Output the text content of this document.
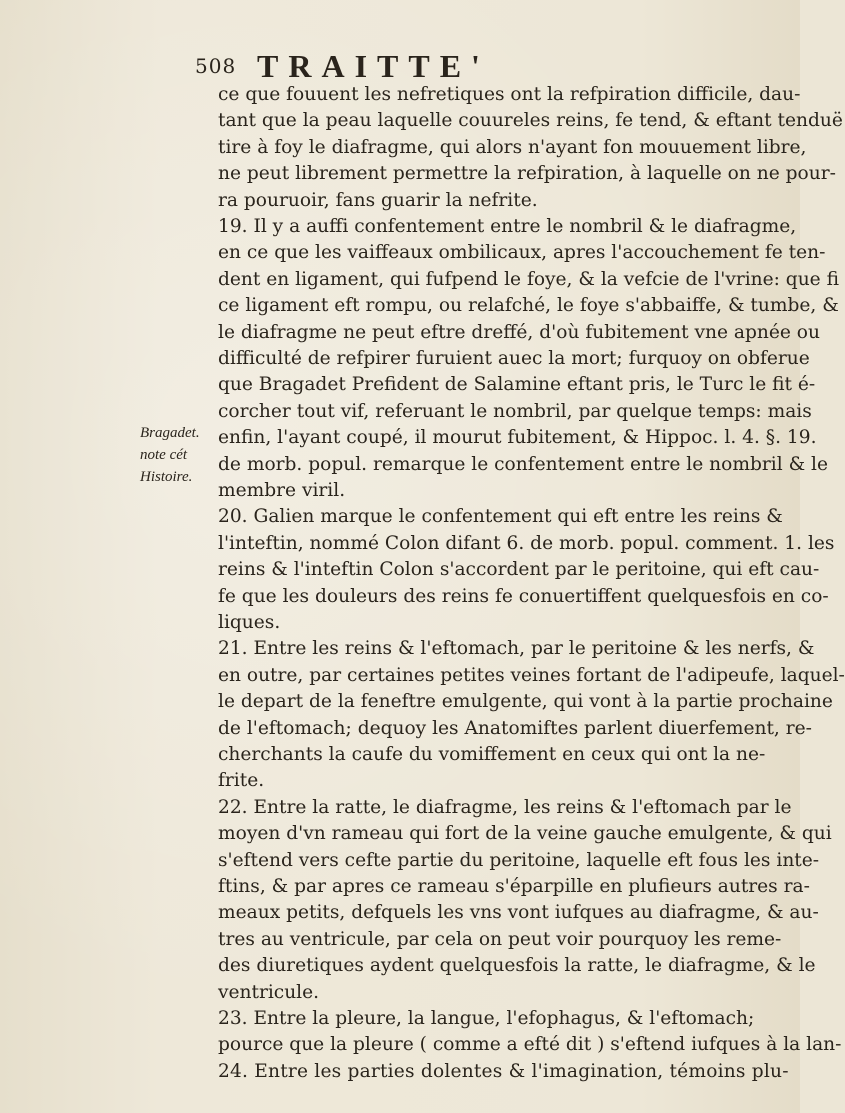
508 TRAITTE'
Bragadet.
note cét
Histoire.
ce que fouuent les nefretiques ont la refpiration difficile, dau-
tant que la peau laquelle couureles reins, fe tend, & eftant tenduë
tire à foy le diafragme, qui alors n'ayant fon mouuement libre,
ne peut librement permettre la refpiration, à laquelle on ne pour-
ra pouruoir, fans guarir la nefrite.
19. Il y a auffi confentement entre le nombril & le diafragme,
en ce que les vaiffeaux ombilicaux, apres l'accouchement fe ten-
dent en ligament, qui fufpend le foye, & la vefcie de l'vrine: que fi
ce ligament eft rompu, ou relafché, le foye s'abbaiffe, & tumbe, &
le diafragme ne peut eftre dreffé, d'où fubitement vne apnée ou
difficulté de refpirer furuient auec la mort; furquoy on obferue
que Bragadet Prefident de Salamine eftant pris, le Turc le fit é-
corcher tout vif, referuant le nombril, par quelque temps: mais
enfin, l'ayant coupé, il mourut fubitement, & Hippoc. l. 4. §. 19.
de morb. popul. remarque le confentement entre le nombril & le
membre viril.
20. Galien marque le confentement qui eft entre les reins &
l'inteftin, nommé Colon difant 6. de morb. popul. comment. 1. les
reins & l'inteftin Colon s'accordent par le peritoine, qui eft cau-
fe que les douleurs des reins fe conuertiffent quelquesfois en co-
liques.
21. Entre les reins & l'eftomach, par le peritoine & les nerfs, &
en outre, par certaines petites veines fortant de l'adipeufe, laquel-
le depart de la feneftre emulgente, qui vont à la partie prochaine
de l'eftomach; dequoy les Anatomiftes parlent diuerfement, re-
cherchants la caufe du vomiffement en ceux qui ont la ne-
frite.
22. Entre la ratte, le diafragme, les reins & l'eftomach par le
moyen d'vn rameau qui fort de la veine gauche emulgente, & qui
s'eftend vers cefte partie du peritoine, laquelle eft fous les inte-
ftins, & par apres ce rameau s'éparpille en plufieurs autres ra-
meaux petits, defquels les vns vont iufques au diafragme, & au-
tres au ventricule, par cela on peut voir pourquoy les reme-
des diuretiques aydent quelquesfois la ratte, le diafragme, & le
ventricule.
23. Entre la pleure, la langue, l'efophagus, & l'eftomach;
pource que la pleure ( comme a efté dit ) s'eftend iufques à la lan-
24. Entre les parties dolentes & l'imagination, témoins plu-
